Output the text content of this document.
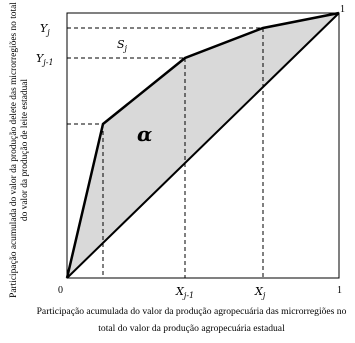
0	1
1
$Y_j$
$Y_{j-1}$
$S_j$
α
$X_{j-1}$	$X_j$
Participação acumulada do valor da produção agropecuária das microrregiões no total do valor da produção agropecuária estadual
Participação acumulada do valor da produção delete das microrregiões no total do valor da produção de leite estadual
